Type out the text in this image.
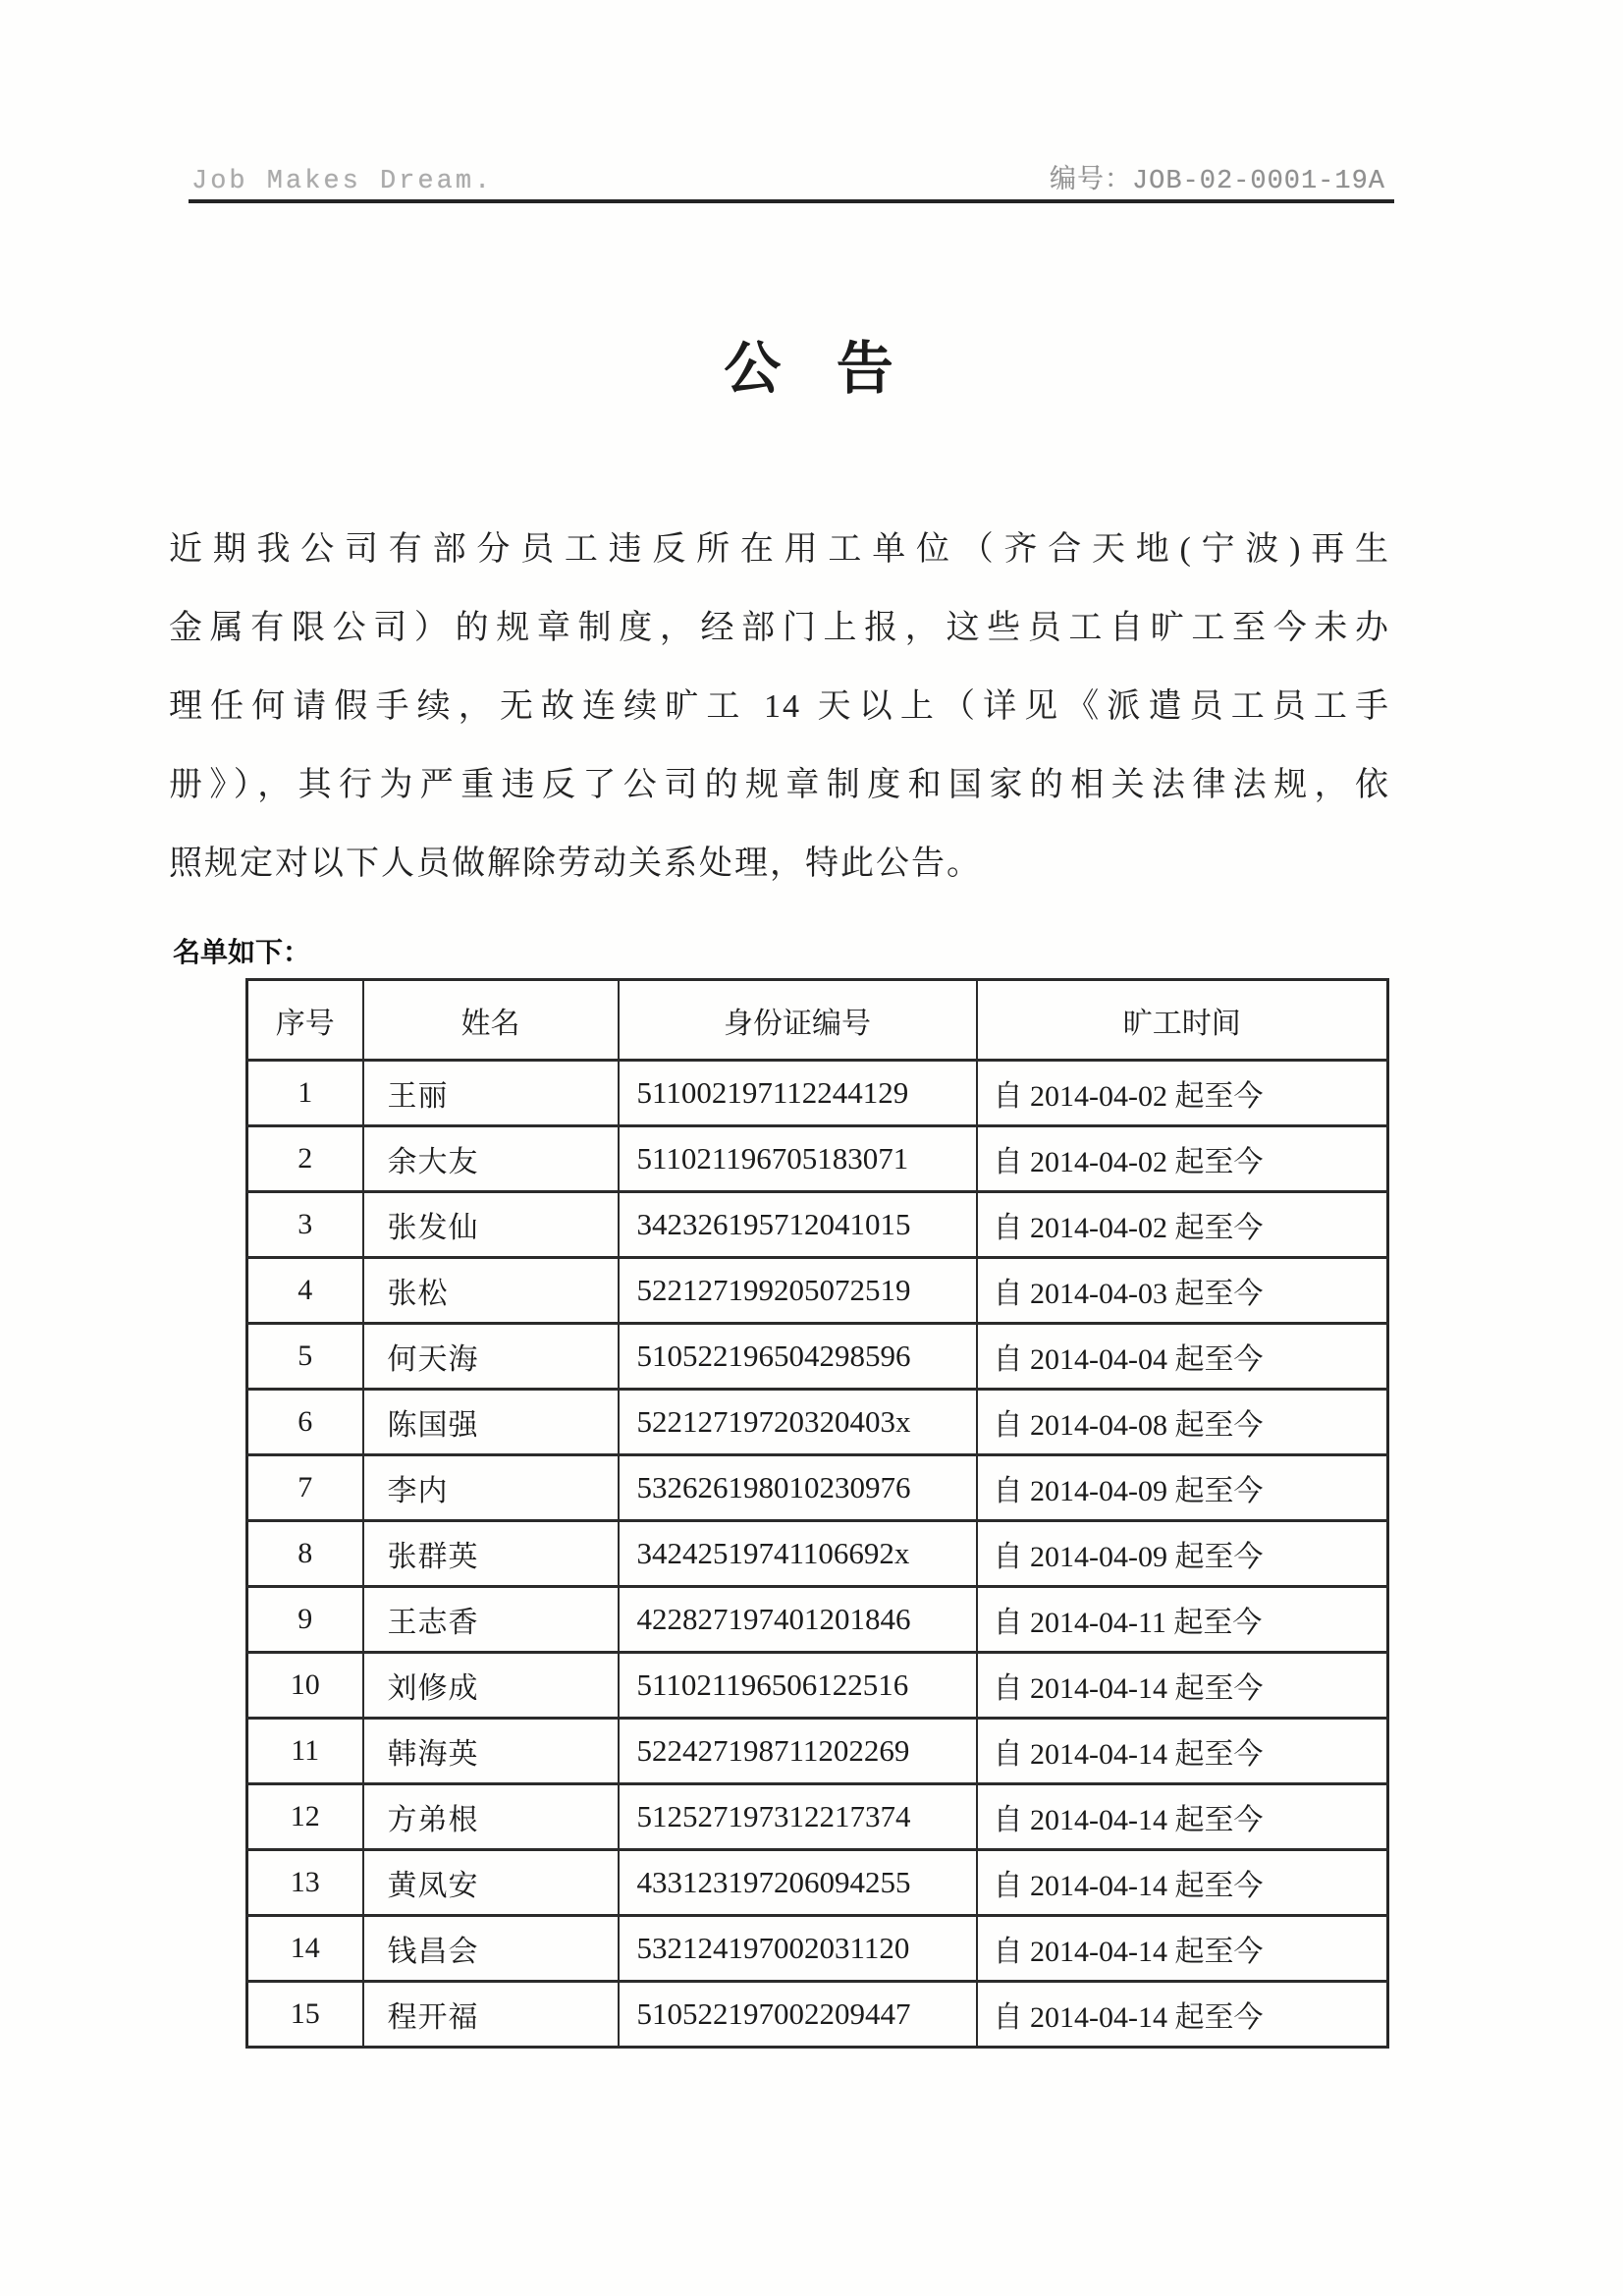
Job Makes Dream.	编号：JOB-02-0001-19A
公 告
近期我公司有部分员工违反所在用工单位（齐合天地(宁波)再生
金属有限公司）的规章制度，经部门上报，这些员工自旷工至今未办
理任何请假手续，无故连续旷工 14 天以上（详见《派遣员工员工手
册》），其行为严重违反了公司的规章制度和国家的相关法律法规，依
照规定对以下人员做解除劳动关系处理，特此公告。
名单如下：
序号	姓名	身份证编号	旷工时间
1	王丽	511002197112244129	自 2014-04-02 起至今
2	余大友	511021196705183071	自 2014-04-02 起至今
3	张发仙	342326195712041015	自 2014-04-02 起至今
4	张松	522127199205072519	自 2014-04-03 起至今
5	何天海	510522196504298596	自 2014-04-04 起至今
6	陈国强	52212719720320403x	自 2014-04-08 起至今
7	李内	532626198010230976	自 2014-04-09 起至今
8	张群英	34242519741106692x	自 2014-04-09 起至今
9	王志香	422827197401201846	自 2014-04-11 起至今
10	刘修成	511021196506122516	自 2014-04-14 起至今
11	韩海英	522427198711202269	自 2014-04-14 起至今
12	方弟根	512527197312217374	自 2014-04-14 起至今
13	黄凤安	433123197206094255	自 2014-04-14 起至今
14	钱昌会	532124197002031120	自 2014-04-14 起至今
15	程开福	510522197002209447	自 2014-04-14 起至今
